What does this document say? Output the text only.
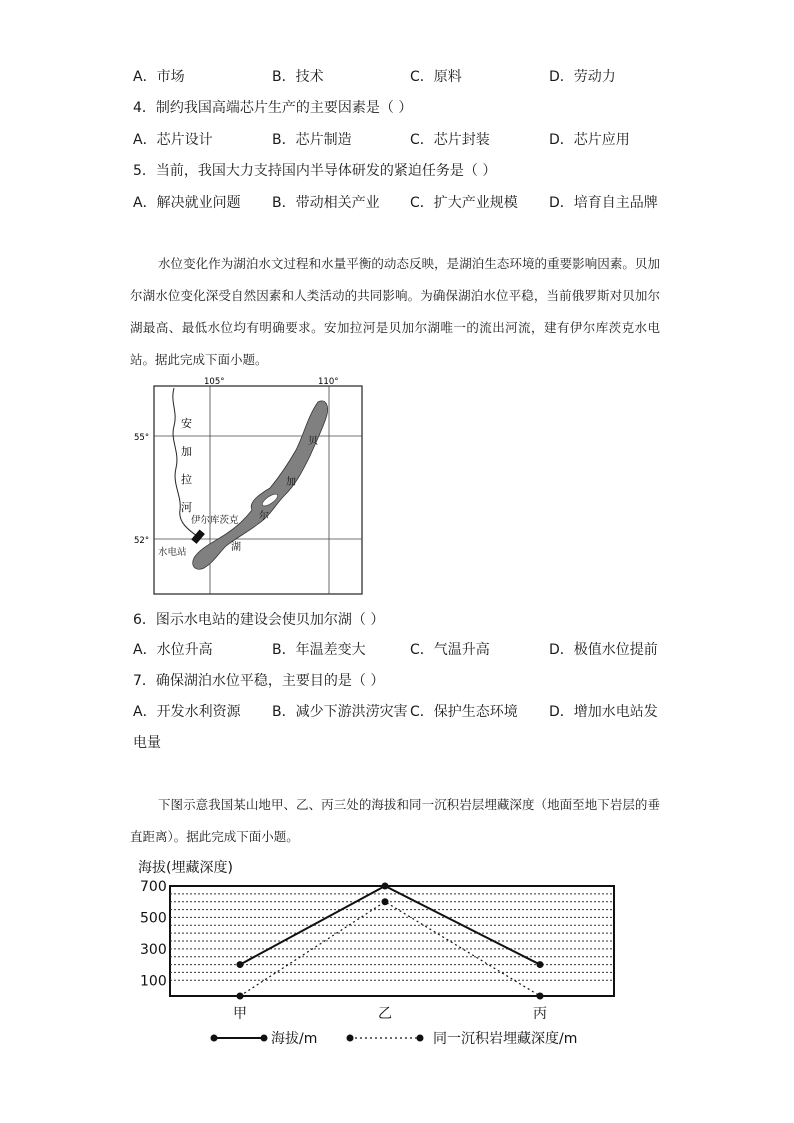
A．市场	B．技术	C．原料	D．劳动力
4．制约我国高端芯片生产的主要因素是（ ）
A．芯片设计	B．芯片制造	C．芯片封装	D．芯片应用
5．当前，我国大力支持国内半导体研发的紧迫任务是（ ）
A．解决就业问题 B．带动相关产业 C．扩大产业规模 D．培育自主品牌

水位变化作为湖泊水文过程和水量平衡的动态反映，是湖泊生态环境的重要影响因素。贝加尔湖水位变化深受自然因素和人类活动的共同影响。为确保湖泊水位平稳，当前俄罗斯对贝加尔湖最高、最低水位均有明确要求。安加拉河是贝加尔湖唯一的流出河流，建有伊尔库茨克水电站。据此完成下面小题。

105°	110°
55°
52°
安
加
拉
河
贝
加
尔
湖
伊尔库茨克
水电站
6．图示水电站的建设会使贝加尔湖（ ）
A．水位升高	B．年温差变大	C．气温升高	D．极值水位提前
7．确保湖泊水位平稳，主要目的是（ ）
A．开发水利资源 B．减少下游洪涝灾害 C．保护生态环境 D．增加水电站发
电量

下图示意我国某山地甲、乙、丙三处的海拔和同一沉积岩层埋藏深度（地面至地下岩层的垂直距离）。据此完成下面小题。

海拔(埋藏深度)
700
500
300
100
甲	乙	丙
海拔/m	同一沉积岩埋藏深度/m
